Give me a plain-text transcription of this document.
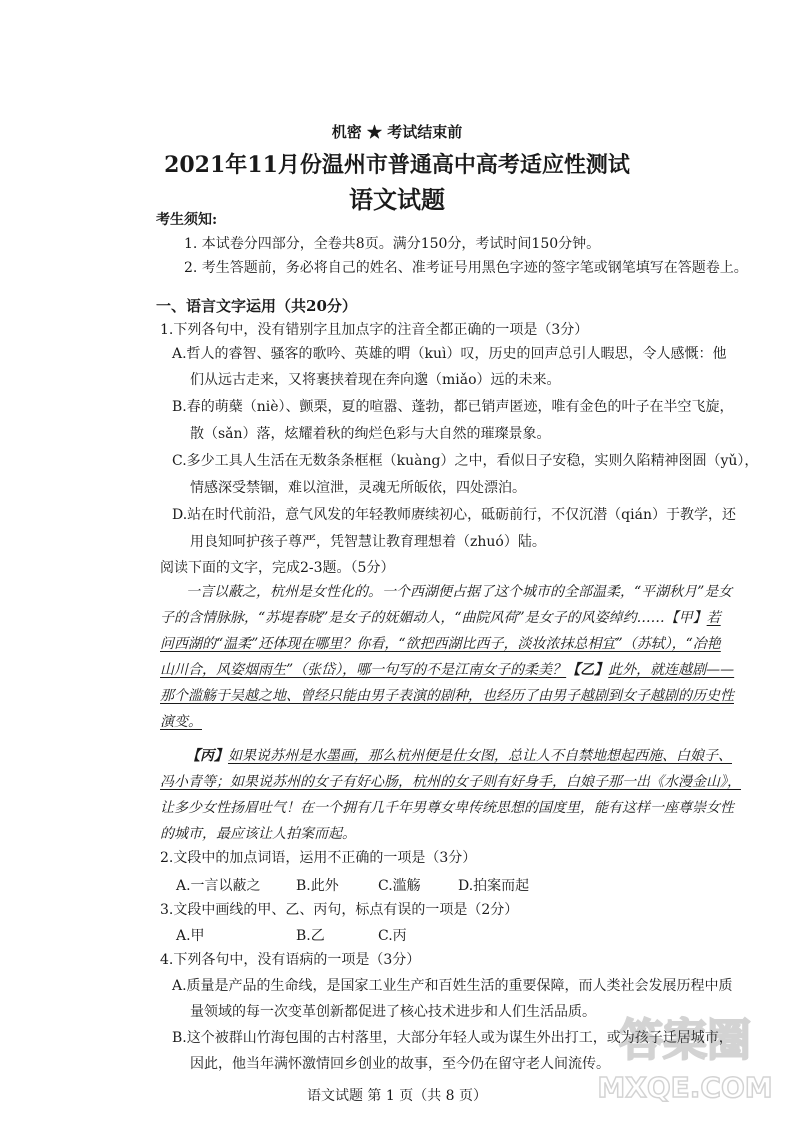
机密 ★ 考试结束前
2021年11月份温州市普通高中高考适应性测试
语文试题
考生须知:
1. 本试卷分四部分，全卷共8页。满分150分，考试时间150分钟。
2. 考生答题前，务必将自己的姓名、准考证号用黑色字迹的签字笔或钢笔填写在答题卷上。
一、语言文字运用（共20分）
1.下列各句中，没有错别字且加点字的注音全都正确的一项是（3分）
A.哲人的睿智、骚客的歌吟、英雄的喟（kuì）叹，历史的回声总引人暇思，令人感慨：他
们从远古走来，又将裹挟着现在奔向邈（miǎo）远的未来。
B.春的萌蘖（niè）、颤栗，夏的喧嚣、蓬勃，都已销声匿迹，唯有金色的叶子在半空飞旋，
散（sǎn）落，炫耀着秋的绚烂色彩与大自然的璀璨景象。
C.多少工具人生活在无数条条框框（kuàng）之中，看似日子安稳，实则久陷精神囹圄（yǔ），
情感深受禁锢，难以渲泄，灵魂无所皈依，四处漂泊。
D.站在时代前沿，意气风发的年轻教师赓续初心，砥砺前行，不仅沉潜（qián）于教学，还
用良知呵护孩子尊严，凭智慧让教育理想着（zhuó）陆。
阅读下面的文字，完成2-3题。（5分）
一言以蔽之，杭州是女性化的。一个西湖便占据了这个城市的全部温柔，“平湖秋月”是女
子的含情脉脉，“苏堤春晓”是女子的妩媚动人，“曲院风荷”是女子的风姿绰约……【甲】若
问西湖的“温柔”还体现在哪里？你看，“欲把西湖比西子，淡妆浓抹总相宜”（苏轼），“冶艳
山川合，风姿烟雨生”（张岱），哪一句写的不是江南女子的柔美？【乙】此外，就连越剧——
那个滥觞于吴越之地、曾经只能由男子表演的剧种，也经历了由男子越剧到女子越剧的历史性
演变。
【丙】如果说苏州是水墨画，那么杭州便是仕女图，总让人不自禁地想起西施、白娘子、
冯小青等；如果说苏州的女子有好心肠，杭州的女子则有好身手，白娘子那一出《水漫金山》，
让多少女性扬眉吐气！在一个拥有几千年男尊女卑传统思想的国度里，能有这样一座尊崇女性
的城市，最应该让人拍案而起。
2.文段中的加点词语，运用不正确的一项是（3分）
A.一言以蔽之	B.此外	C.滥觞	D.拍案而起
3.文段中画线的甲、乙、丙句，标点有误的一项是（2分）
A.甲	B.乙	C.丙
4.下列各句中，没有语病的一项是（3分）
A.质量是产品的生命线，是国家工业生产和百姓生活的重要保障，而人类社会发展历程中质
量领域的每一次变革创新都促进了核心技术进步和人们生活品质。
B.这个被群山竹海包围的古村落里，大部分年轻人或为谋生外出打工，或为孩子迁居城市，
因此，他当年满怀激情回乡创业的故事，至今仍在留守老人间流传。
语文试题 第 1 页（共 8 页）
答案圈
MXQE.COM
